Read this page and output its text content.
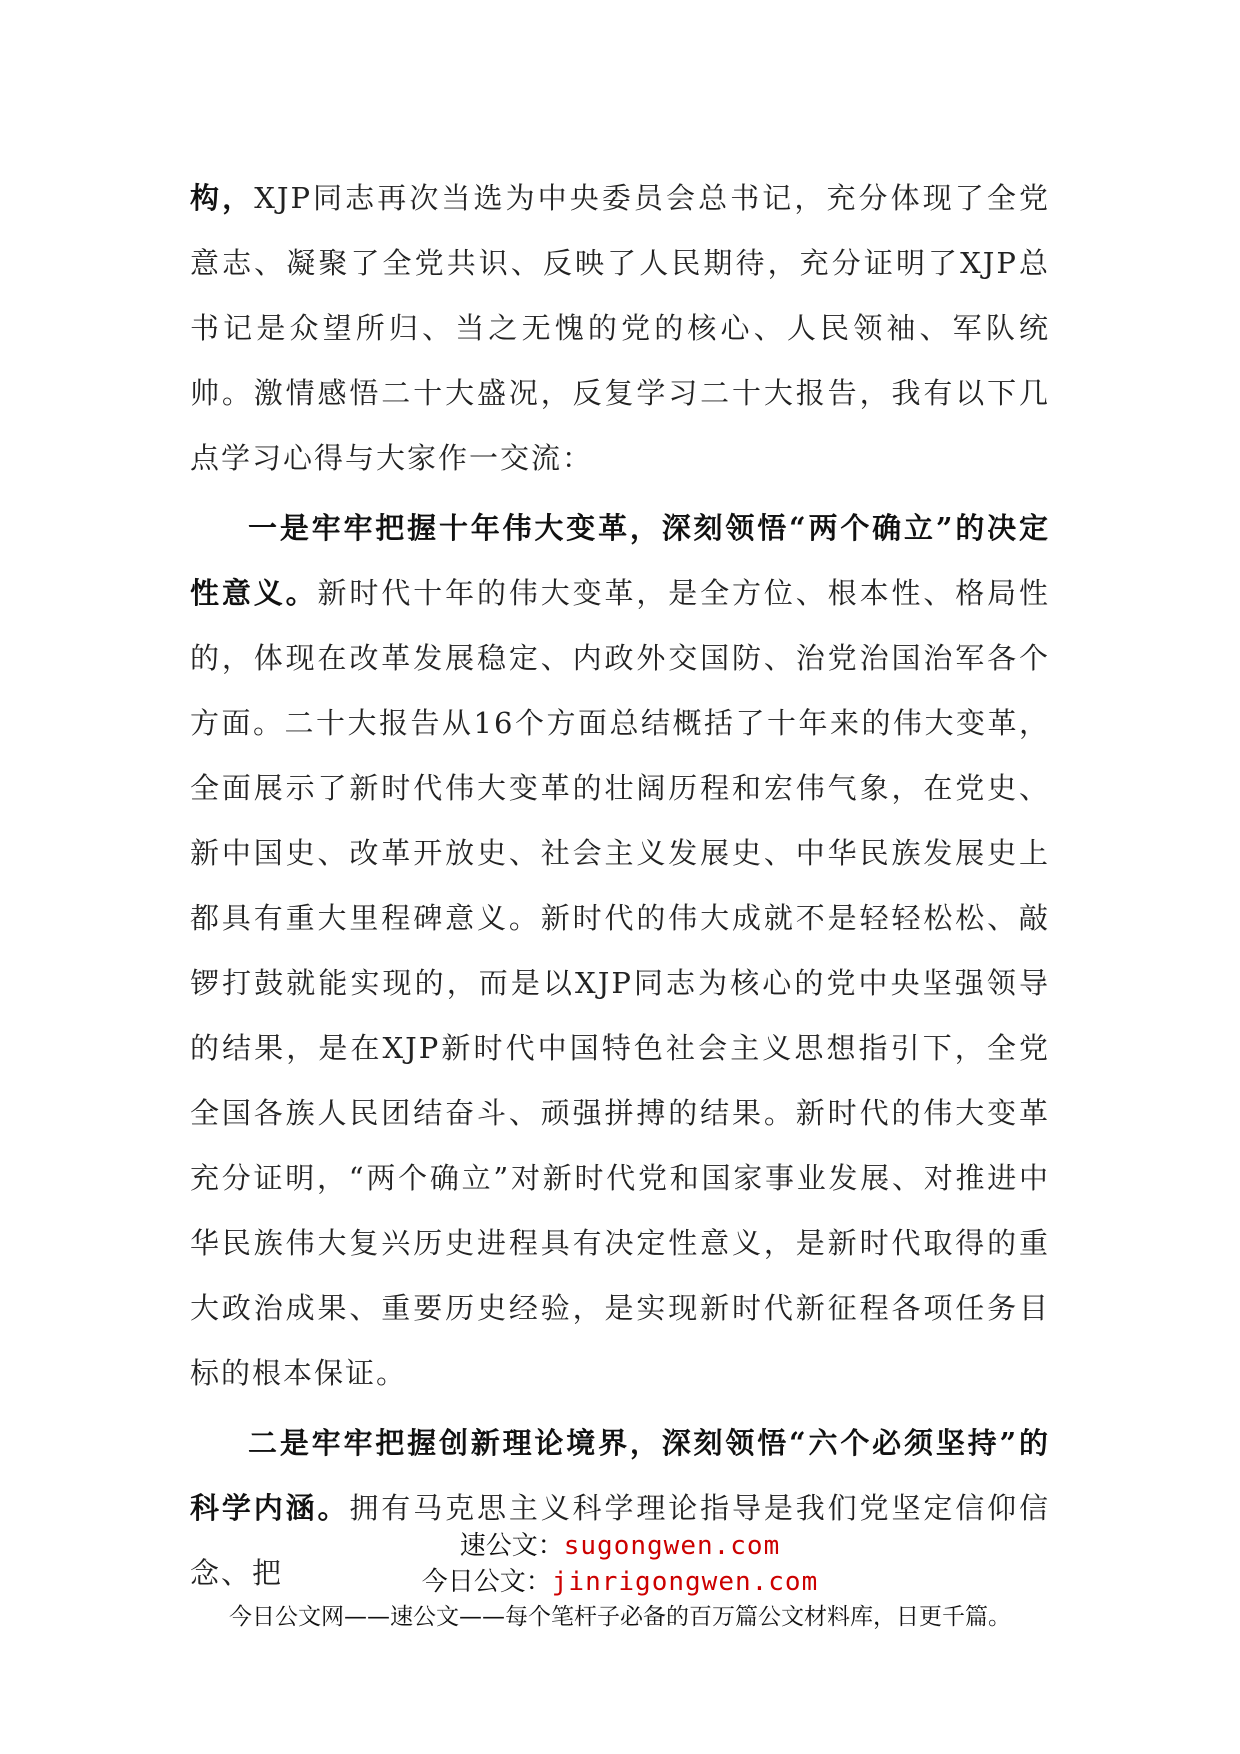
构，XJP同志再次当选为中央委员会总书记，充分体现了全党意志、凝聚了全党共识、反映了人民期待，充分证明了XJP总书记是众望所归、当之无愧的党的核心、人民领袖、军队统帅。激情感悟二十大盛况，反复学习二十大报告，我有以下几点学习心得与大家作一交流：

一是牢牢把握十年伟大变革，深刻领悟“两个确立”的决定性意义。新时代十年的伟大变革，是全方位、根本性、格局性的，体现在改革发展稳定、内政外交国防、治党治国治军各个方面。二十大报告从16个方面总结概括了十年来的伟大变革，全面展示了新时代伟大变革的壮阔历程和宏伟气象，在党史、新中国史、改革开放史、社会主义发展史、中华民族发展史上都具有重大里程碑意义。新时代的伟大成就不是轻轻松松、敲锣打鼓就能实现的，而是以XJP同志为核心的党中央坚强领导的结果，是在XJP新时代中国特色社会主义思想指引下，全党全国各族人民团结奋斗、顽强拼搏的结果。新时代的伟大变革充分证明，“两个确立”对新时代党和国家事业发展、对推进中华民族伟大复兴历史进程具有决定性意义，是新时代取得的重大政治成果、重要历史经验，是实现新时代新征程各项任务目标的根本保证。

二是牢牢把握创新理论境界，深刻领悟“六个必须坚持”的科学内涵。拥有马克思主义科学理论指导是我们党坚定信仰信念、把

速公文：sugongwen.com
今日公文：jinrigongwen.com
今日公文网——速公文——每个笔杆子必备的百万篇公文材料库，日更千篇。
